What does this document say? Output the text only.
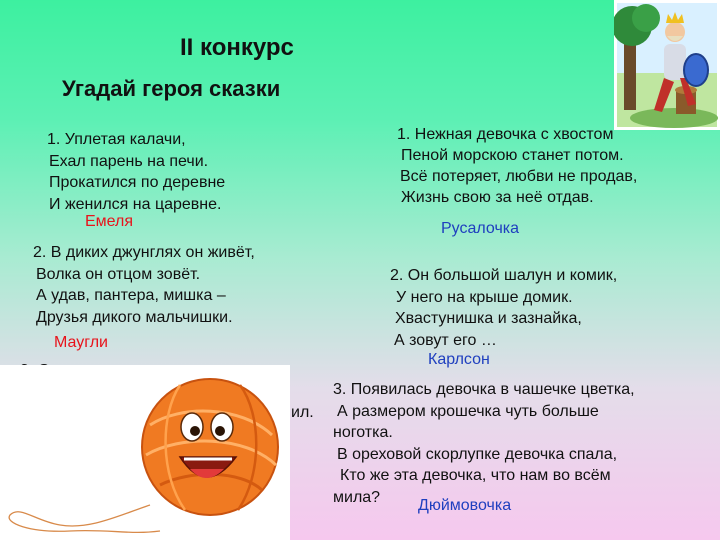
II конкурс
Угадай героя сказки
1. Уплетая калачи,
Ехал парень на печи.
Прокатился по деревне
И женился на царевне.
Емеля
2. В диких джунглях он живёт,
Волка он отцом зовёт.
А удав, пантера, мишка –
Друзья дикого мальчишки.
Маугли
ил.
1. Нежная девочка с хвостом
Пеной морскою станет потом.
Всё потеряет, любви не продав,
Жизнь свою за неё отдав.
Русалочка
2. Он большой шалун и комик,
У него на крыше домик.
Хвастунишка и зазнайка,
А зовут его …
Карлсон
3. Появилась девочка в чашечке цветка,
А размером крошечка чуть больше
ноготка.
В ореховой скорлупке девочка спала,
Кто же эта девочка, что нам во всём
мила?	Дюймовочка
